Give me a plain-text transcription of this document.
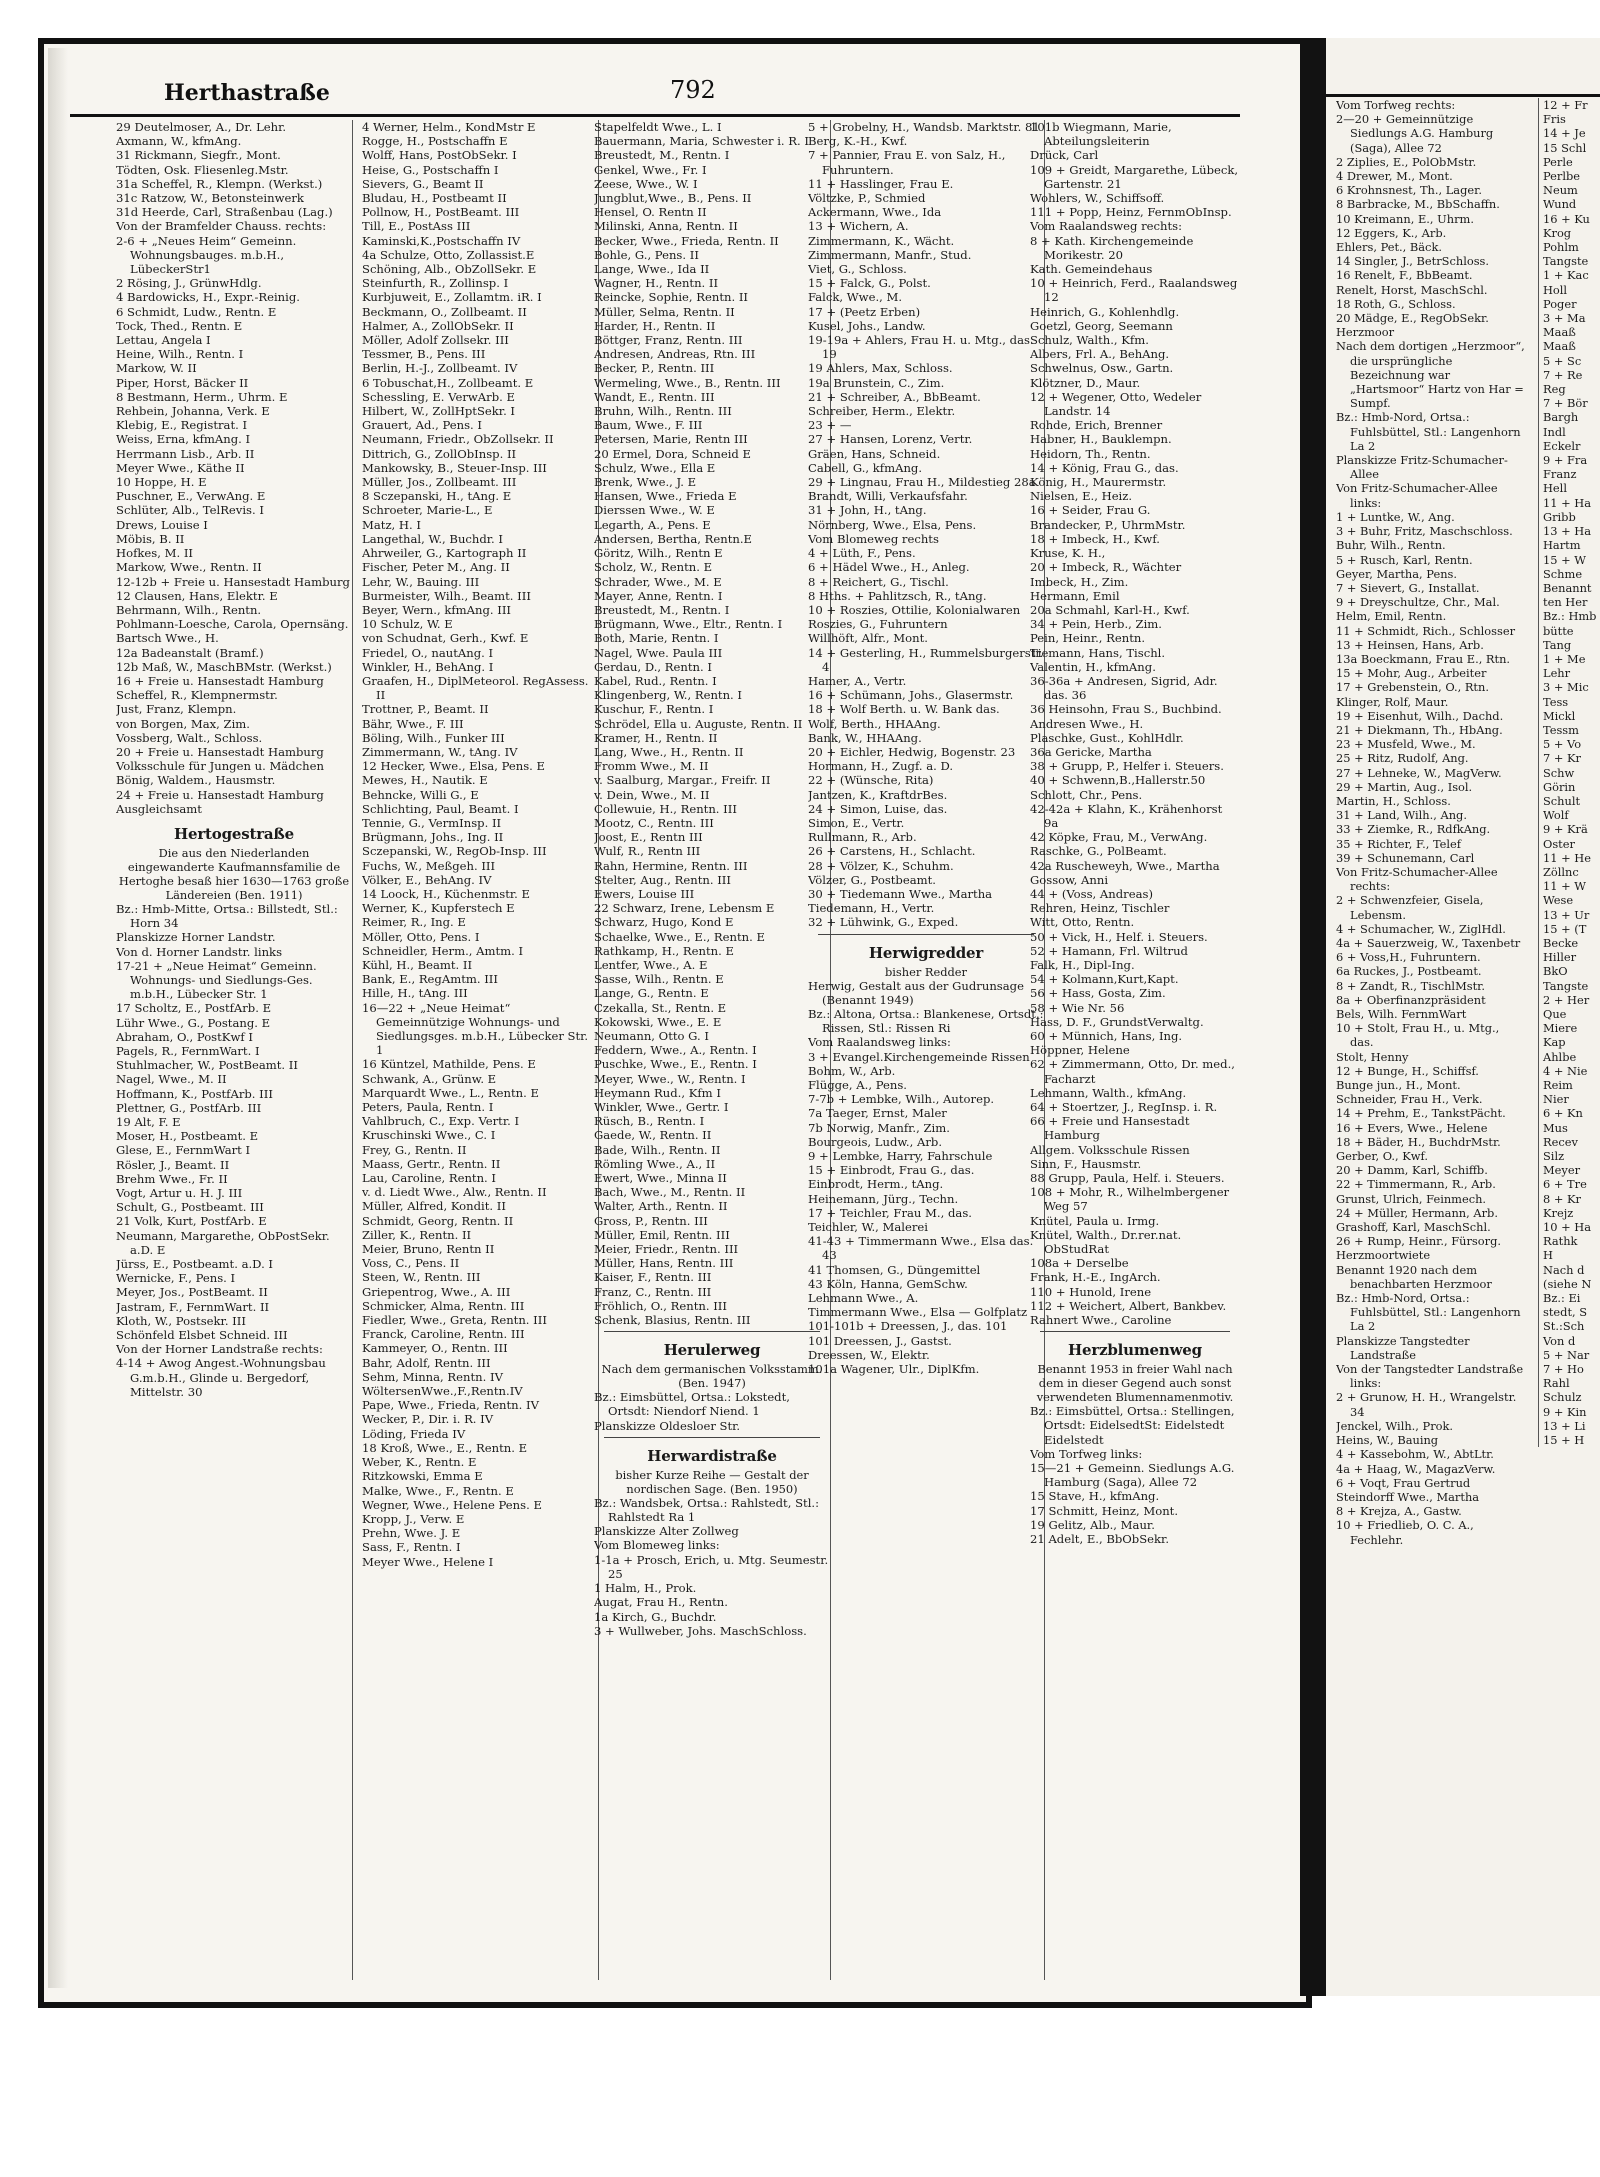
Herthastraße	792
29 Deutelmoser, A., Dr. Lehr.
Axmann, W., kfmAng.
31 Rickmann, Siegfr., Mont.
Tödten, Osk. Fliesenleg.Mstr.
31a Scheffel, R., Klempn. (Werkst.)
31c Ratzow, W., Betonsteinwerk
31d Heerde, Carl, Straßenbau (Lag.)
Von der Bramfelder Chauss. rechts:
2-6 + „Neues Heim“ Gemeinn. Wohnungsbauges. m.b.H., LübeckerStr1
2 Rösing, J., GrünwHdlg.
4 Bardowicks, H., Expr.-Reinig.
6 Schmidt, Ludw., Rentn. E
Tock, Thed., Rentn. E
Lettau, Angela I
Heine, Wilh., Rentn. I
Markow, W. II
Piper, Horst, Bäcker II
8 Bestmann, Herm., Uhrm. E
Rehbein, Johanna, Verk. E
Klebig, E., Registrat. I
Weiss, Erna, kfmAng. I
Herrmann Lisb., Arb. II
Meyer Wwe., Käthe II
10 Hoppe, H. E
Puschner, E., VerwAng. E
Schlüter, Alb., TelRevis. I
Drews, Louise I
Möbis, B. II
Hofkes, M. II
Markow, Wwe., Rentn. II
12-12b + Freie u. Hansestadt Hamburg
12 Clausen, Hans, Elektr. E
Behrmann, Wilh., Rentn.
Pohlmann-Loesche, Carola, Opernsäng.
Bartsch Wwe., H.
12a Badeanstalt (Bramf.)
12b Maß, W., MaschBMstr. (Werkst.)
16 + Freie u. Hansestadt Hamburg
Scheffel, R., Klempnermstr.
Just, Franz, Klempn.
von Borgen, Max, Zim.
Vossberg, Walt., Schloss.
20 + Freie u. Hansestadt Hamburg
Volksschule für Jungen u. Mädchen
Bönig, Waldem., Hausmstr.
24 + Freie u. Hansestadt Hamburg
Ausgleichsamt
Hertogestraße
Die aus den Niederlanden eingewanderte Kaufmannsfamilie de Hertoghe besaß hier 1630—1763 große Ländereien (Ben. 1911)
Bz.: Hmb-Mitte, Ortsa.: Billstedt, Stl.: Horn 34
Planskizze Horner Landstr.
Von d. Horner Landstr. links
17-21 + „Neue Heimat“ Gemeinn. Wohnungs- und Siedlungs-Ges. m.b.H., Lübecker Str. 1
17 Scholtz, E., PostfArb. E
Lühr Wwe., G., Postang. E
Abraham, O., PostKwf I
Pagels, R., FernmWart. I
Stuhlmacher, W., PostBeamt. II
Nagel, Wwe., M. II
Hoffmann, K., PostfArb. III
Plettner, G., PostfArb. III
19 Alt, F. E
Moser, H., Postbeamt. E
Glese, E., FernmWart I
Rösler, J., Beamt. II
Brehm Wwe., Fr. II
Vogt, Artur u. H. J. III
Schult, G., Postbeamt. III
21 Volk, Kurt, PostfArb. E
Neumann, Margarethe, ObPostSekr. a.D. E
Jürss, E., Postbeamt. a.D. I
Wernicke, F., Pens. I
Meyer, Jos., PostBeamt. II
Jastram, F., FernmWart. II
Kloth, W., Postsekr. III
Schönfeld Elsbet Schneid. III
Von der Horner Landstraße rechts:
4-14 + Awog Angest.-Wohnungsbau G.m.b.H., Glinde u. Bergedorf, Mittelstr. 30
4 Werner, Helm., KondMstr E
Rogge, H., Postschaffn E
Wolff, Hans, PostObSekr. I
Heise, G., Postschaffn I
Sievers, G., Beamt II
Bludau, H., Postbeamt II
Pollnow, H., PostBeamt. III
Till, E., PostAss III
Kaminski,K.,Postschaffn IV
4a Schulze, Otto, Zollassist.E
Schöning, Alb., ObZollSekr. E
Steinfurth, R., Zollinsp. I
Kurbjuweit, E., Zollamtm. iR. I
Beckmann, O., Zollbeamt. II
Halmer, A., ZollObSekr. II
Möller, Adolf Zollsekr. III
Tessmer, B., Pens. III
Berlin, H.-J., Zollbeamt. IV
6 Tobuschat,H., Zollbeamt. E
Schessling, E. VerwArb. E
Hilbert, W., ZollHptSekr. I
Grauert, Ad., Pens. I
Neumann, Friedr., ObZollsekr. II
Dittrich, G., ZollObInsp. II
Mankowsky, B., Steuer-Insp. III
Müller, Jos., Zollbeamt. III
8 Sczepanski, H., tAng. E
Schroeter, Marie-L., E
Matz, H. I
Langethal, W., Buchdr. I
Ahrweiler, G., Kartograph II
Fischer, Peter M., Ang. II
Lehr, W., Bauing. III
Burmeister, Wilh., Beamt. III
Beyer, Wern., kfmAng. III
10 Schulz, W. E
von Schudnat, Gerh., Kwf. E
Friedel, O., nautAng. I
Winkler, H., BehAng. I
Graafen, H., DiplMeteorol. RegAssess. II
Trottner, P., Beamt. II
Bähr, Wwe., F. III
Böling, Wilh., Funker III
Zimmermann, W., tAng. IV
12 Hecker, Wwe., Elsa, Pens. E
Mewes, H., Nautik. E
Behncke, Willi G., E
Schlichting, Paul, Beamt. I
Tennie, G., VermInsp. II
Brügmann, Johs., Ing. II
Sczepanski, W., RegOb-Insp. III
Fuchs, W., Meßgeh. III
Völker, E., BehAng. IV
14 Loock, H., Küchenmstr. E
Werner, K., Kupferstech E
Reimer, R., Ing. E
Möller, Otto, Pens. I
Schneidler, Herm., Amtm. I
Kühl, H., Beamt. II
Bank, E., RegAmtm. III
Hille, H., tAng. III
16—22 + „Neue Heimat“ Gemeinnützige Wohnungs- und Siedlungsges. m.b.H., Lübecker Str. 1
16 Küntzel, Mathilde, Pens. E
Schwank, A., Grünw. E
Marquardt Wwe., L., Rentn. E
Peters, Paula, Rentn. I
Vahlbruch, C., Exp. Vertr. I
Kruschinski Wwe., C. I
Frey, G., Rentn. II
Maass, Gertr., Rentn. II
Lau, Caroline, Rentn. I
v. d. Liedt Wwe., Alw., Rentn. II
Müller, Alfred, Kondit. II
Schmidt, Georg, Rentn. II
Ziller, K., Rentn. II
Meier, Bruno, Rentn II
Voss, C., Pens. II
Steen, W., Rentn. III
Griepentrog, Wwe., A. III
Schmicker, Alma, Rentn. III
Fiedler, Wwe., Greta, Rentn. III
Franck, Caroline, Rentn. III
Kammeyer, O., Rentn. III
Bahr, Adolf, Rentn. III
Sehm, Minna, Rentn. IV
WöltersenWwe.,F.,Rentn.IV
Pape, Wwe., Frieda, Rentn. IV
Wecker, P., Dir. i. R. IV
Löding, Frieda IV
18 Kroß, Wwe., E., Rentn. E
Weber, K., Rentn. E
Ritzkowski, Emma E
Malke, Wwe., F., Rentn. E
Wegner, Wwe., Helene Pens. E
Kropp, J., Verw. E
Prehn, Wwe. J. E
Sass, F., Rentn. I
Meyer Wwe., Helene I
Stapelfeldt Wwe., L. I
Bauermann, Maria, Schwester i. R. I
Breustedt, M., Rentn. I
Genkel, Wwe., Fr. I
Zeese, Wwe., W. I
Jungblut,Wwe., B., Pens. II
Hensel, O. Rentn II
Milinski, Anna, Rentn. II
Becker, Wwe., Frieda, Rentn. II
Bohle, G., Pens. II
Lange, Wwe., Ida II
Wagner, H., Rentn. II
Reincke, Sophie, Rentn. II
Müller, Selma, Rentn. II
Harder, H., Rentn. II
Böttger, Franz, Rentn. III
Andresen, Andreas, Rtn. III
Becker, P., Rentn. III
Wermeling, Wwe., B., Rentn. III
Wandt, E., Rentn. III
Bruhn, Wilh., Rentn. III
Baum, Wwe., F. III
Petersen, Marie, Rentn III
20 Ermel, Dora, Schneid E
Schulz, Wwe., Ella E
Brenk, Wwe., J. E
Hansen, Wwe., Frieda E
Dierssen Wwe., W. E
Legarth, A., Pens. E
Andersen, Bertha, Rentn.E
Göritz, Wilh., Rentn E
Scholz, W., Rentn. E
Schrader, Wwe., M. E
Mayer, Anne, Rentn. I
Breustedt, M., Rentn. I
Brügmann, Wwe., Eltr., Rentn. I
Both, Marie, Rentn. I
Nagel, Wwe. Paula III
Gerdau, D., Rentn. I
Kabel, Rud., Rentn. I
Klingenberg, W., Rentn. I
Kuschur, F., Rentn. I
Schrödel, Ella u. Auguste, Rentn. II
Kramer, H., Rentn. II
Lang, Wwe., H., Rentn. II
Fromm Wwe., M. II
v. Saalburg, Margar., Freifr. II
v. Dein, Wwe., M. II
Collewuie, H., Rentn. III
Mootz, C., Rentn. III
Joost, E., Rentn III
Wulf, R., Rentn III
Rahn, Hermine, Rentn. III
Stelter, Aug., Rentn. III
Ewers, Louise III
22 Schwarz, Irene, Lebensm E
Schwarz, Hugo, Kond E
Schaelke, Wwe., E., Rentn. E
Rathkamp, H., Rentn. E
Lentfer, Wwe., A. E
Sasse, Wilh., Rentn. E
Lange, G., Rentn. E
Czekalla, St., Rentn. E
Kokowski, Wwe., E. E
Neumann, Otto G. I
Feddern, Wwe., A., Rentn. I
Puschke, Wwe., E., Rentn. I
Meyer, Wwe., W., Rentn. I
Heymann Rud., Kfm I
Winkler, Wwe., Gertr. I
Rüsch, B., Rentn. I
Gaede, W., Rentn. II
Bade, Wilh., Rentn. II
Römling Wwe., A., II
Ewert, Wwe., Minna II
Bach, Wwe., M., Rentn. II
Walter, Arth., Rentn. II
Gross, P., Rentn. III
Müller, Emil, Rentn. III
Meier, Friedr., Rentn. III
Müller, Hans, Rentn. III
Kaiser, F., Rentn. III
Franz, C., Rentn. III
Fröhlich, O., Rentn. III
Schenk, Blasius, Rentn. III
Herulerweg
Nach dem germanischen Volksstamm. (Ben. 1947)
Bz.: Eimsbüttel, Ortsa.: Lokstedt, Ortsdt: Niendorf Niend. 1
Planskizze Oldesloer Str.
Herwardistraße
bisher Kurze Reihe — Gestalt der nordischen Sage. (Ben. 1950)
Bz.: Wandsbek, Ortsa.: Rahlstedt, Stl.: Rahlstedt Ra 1
Planskizze Alter Zollweg
Vom Blomeweg links:
1-1a + Prosch, Erich, u. Mtg. Seumestr. 25
1 Halm, H., Prok.
Augat, Frau H., Rentn.
1a Kirch, G., Buchdr.
3 + Wullweber, Johs. MaschSchloss.
5 + Grobelny, H., Wandsb. Marktstr. 81
Berg, K.-H., Kwf.
7 + Pannier, Frau E. von Salz, H., Fuhruntern.
11 + Hasslinger, Frau E.
Völtzke, P., Schmied
Ackermann, Wwe., Ida
13 + Wichern, A.
Zimmermann, K., Wächt.
Zimmermann, Manfr., Stud.
Viet, G., Schloss.
15 + Falck, G., Polst.
Falck, Wwe., M.
17 + (Peetz Erben)
Kusel, Johs., Landw.
19-19a + Ahlers, Frau H. u. Mtg., das. 19
19 Ahlers, Max, Schloss.
19a Brunstein, C., Zim.
21 + Schreiber, A., BbBeamt.
Schreiber, Herm., Elektr.
23 + —
27 + Hansen, Lorenz, Vertr.
Gräen, Hans, Schneid.
Cabell, G., kfmAng.
29 + Lingnau, Frau H., Mildestieg 28a
Brandt, Willi, Verkaufsfahr.
31 + John, H., tAng.
Nörnberg, Wwe., Elsa, Pens.
Vom Blomeweg rechts
4 + Lüth, F., Pens.
6 + Hädel Wwe., H., Anleg.
8 + Reichert, G., Tischl.
8 Hths. + Pahlitzsch, R., tAng.
10 + Roszies, Ottilie, Kolonialwaren
Roszies, G., Fuhruntern
Willhöft, Alfr., Mont.
14 + Gesterling, H., Rummelsburgerstr. 4
Hamer, A., Vertr.
16 + Schümann, Johs., Glasermstr.
18 + Wolf Berth. u. W. Bank das.
Wolf, Berth., HHAAng.
Bank, W., HHAAng.
20 + Eichler, Hedwig, Bogenstr. 23
Hormann, H., Zugf. a. D.
22 + (Wünsche, Rita)
Jantzen, K., KraftdrBes.
24 + Simon, Luise, das.
Simon, E., Vertr.
Rullmann, R., Arb.
26 + Carstens, H., Schlacht.
28 + Völzer, K., Schuhm.
Völzer, G., Postbeamt.
30 + Tiedemann Wwe., Martha
Tiedemann, H., Vertr.
32 + Lühwink, G., Exped.
Herwigredder
bisher Redder
Herwig, Gestalt aus der Gudrunsage (Benannt 1949)
Bz.: Altona, Ortsa.: Blankenese, Ortsdt.: Rissen, Stl.: Rissen Ri
Vom Raalandsweg links:
3 + Evangel.Kirchengemeinde Rissen
Bohm, W., Arb.
Flügge, A., Pens.
7-7b + Lembke, Wilh., Autorep.
7a Taeger, Ernst, Maler
7b Norwig, Manfr., Zim.
Bourgeois, Ludw., Arb.
9 + Lembke, Harry, Fahrschule
15 + Einbrodt, Frau G., das.
Einbrodt, Herm., tAng.
Heinemann, Jürg., Techn.
17 + Teichler, Frau M., das.
Teichler, W., Malerei
41-43 + Timmermann Wwe., Elsa das. 43
41 Thomsen, G., Düngemittel
43 Köln, Hanna, GemSchw.
Lehmann Wwe., A.
Timmermann Wwe., Elsa — Golfplatz
101-101b + Dreessen, J., das. 101
101 Dreessen, J., Gastst.
Dreessen, W., Elektr.
101a Wagener, Ulr., DiplKfm.
101b Wiegmann, Marie, Abteilungsleiterin
Drück, Carl
109 + Greidt, Margarethe, Lübeck, Gartenstr. 21
Wohlers, W., Schiffsoff.
111 + Popp, Heinz, FernmObInsp.
Vom Raalandsweg rechts:
8 + Kath. Kirchengemeinde Morikestr. 20
Kath. Gemeindehaus
10 + Heinrich, Ferd., Raalandsweg 12
Heinrich, G., Kohlenhdlg.
Goetzl, Georg, Seemann
Schulz, Walth., Kfm.
Albers, Frl. A., BehAng.
Schwelnus, Osw., Gartn.
Klötzner, D., Maur.
12 + Wegener, Otto, Wedeler Landstr. 14
Rohde, Erich, Brenner
Habner, H., Bauklempn.
Heidorn, Th., Rentn.
14 + König, Frau G., das.
König, H., Maurermstr.
Nielsen, E., Heiz.
16 + Seider, Frau G.
Brandecker, P., UhrmMstr.
18 + Imbeck, H., Kwf.
Kruse, K. H.,
20 + Imbeck, R., Wächter
Imbeck, H., Zim.
Hermann, Emil
20a Schmahl, Karl-H., Kwf.
34 + Pein, Herb., Zim.
Pein, Heinr., Rentn.
Tiemann, Hans, Tischl.
Valentin, H., kfmAng.
36-36a + Andresen, Sigrid, Adr. das. 36
36 Heinsohn, Frau S., Buchbind.
Andresen Wwe., H.
Plaschke, Gust., KohlHdlr.
36a Gericke, Martha
38 + Grupp, P., Helfer i. Steuers.
40 + Schwenn,B.,Hallerstr.50
Schlott, Chr., Pens.
42-42a + Klahn, K., Krähenhorst 9a
42 Köpke, Frau, M., VerwAng.
Raschke, G., PolBeamt.
42a Ruscheweyh, Wwe., Martha
Gossow, Anni
44 + (Voss, Andreas)
Rehren, Heinz, Tischler
Witt, Otto, Rentn.
50 + Vick, H., Helf. i. Steuers.
52 + Hamann, Frl. Wiltrud
Falk, H., Dipl-Ing.
54 + Kolmann,Kurt,Kapt.
56 + Hass, Gosta, Zim.
58 + Wie Nr. 56
Hass, D. F., GrundstVerwaltg.
60 + Münnich, Hans, Ing.
Höppner, Helene
62 + Zimmermann, Otto, Dr. med., Facharzt
Lehmann, Walth., kfmAng.
64 + Stoertzer, J., RegInsp. i. R.
66 + Freie und Hansestadt Hamburg
Allgem. Volksschule Rissen
Sinn, F., Hausmstr.
88 Grupp, Paula, Helf. i. Steuers.
108 + Mohr, R., Wilhelmbergener Weg 57
Knütel, Paula u. Irmg.
Knütel, Walth., Dr.rer.nat. ObStudRat
108a + Derselbe
Frank, H.-E., IngArch.
110 + Hunold, Irene
112 + Weichert, Albert, Bankbev.
Rahnert Wwe., Caroline
Herzblumenweg
Benannt 1953 in freier Wahl nach dem in dieser Gegend auch sonst verwendeten Blumennamenmotiv.
Bz.: Eimsbüttel, Ortsa.: Stellingen, Ortsdt: EidelsedtSt: Eidelstedt Eidelstedt
Vom Torfweg links:
15—21 + Gemeinn. Siedlungs A.G. Hamburg (Saga), Allee 72
15 Stave, H., kfmAng.
17 Schmitt, Heinz, Mont.
19 Gelitz, Alb., Maur.
21 Adelt, E., BbObSekr.
Vom Torfweg rechts:
2—20 + Gemeinnützige Siedlungs A.G. Hamburg (Saga), Allee 72
2 Ziplies, E., PolObMstr.
4 Drewer, M., Mont.
6 Krohnsnest, Th., Lager.
8 Barbracke, M., BbSchaffn.
10 Kreimann, E., Uhrm.
12 Eggers, K., Arb.
Ehlers, Pet., Bäck.
14 Singler, J., BetrSchloss.
16 Renelt, F., BbBeamt.
Renelt, Horst, MaschSchl.
18 Roth, G., Schloss.
20 Mädge, E., RegObSekr.
Herzmoor
Nach dem dortigen „Herzmoor“, die ursprüngliche Bezeichnung war „Hartsmoor“ Hartz von Har = Sumpf.
Bz.: Hmb-Nord, Ortsa.: Fuhlsbüttel, Stl.: Langenhorn La 2
Planskizze Fritz-Schumacher-Allee
Von Fritz-Schumacher-Allee links:
1 + Luntke, W., Ang.
3 + Buhr, Fritz, Maschschloss.
Buhr, Wilh., Rentn.
5 + Rusch, Karl, Rentn.
Geyer, Martha, Pens.
7 + Sievert, G., Installat.
9 + Dreyschultze, Chr., Mal.
Helm, Emil, Rentn.
11 + Schmidt, Rich., Schlosser
13 + Heinsen, Hans, Arb.
13a Boeckmann, Frau E., Rtn.
15 + Mohr, Aug., Arbeiter
17 + Grebenstein, O., Rtn.
Klinger, Rolf, Maur.
19 + Eisenhut, Wilh., Dachd.
21 + Diekmann, Th., HbAng.
23 + Musfeld, Wwe., M.
25 + Ritz, Rudolf, Ang.
27 + Lehneke, W., MagVerw.
29 + Martin, Aug., Isol.
Martin, H., Schloss.
31 + Land, Wilh., Ang.
33 + Ziemke, R., RdfkAng.
35 + Richter, F., Telef
39 + Schunemann, Carl
Von Fritz-Schumacher-Allee rechts:
2 + Schwenzfeier, Gisela, Lebensm.
4 + Schumacher, W., ZiglHdl.
4a + Sauerzweig, W., Taxenbetr
6 + Voss,H., Fuhruntern.
6a Ruckes, J., Postbeamt.
8 + Zandt, R., TischlMstr.
8a + Oberfinanzpräsident
Bels, Wilh. FernmWart
10 + Stolt, Frau H., u. Mtg., das.
Stolt, Henny
12 + Bunge, H., Schiffsf.
Bunge jun., H., Mont.
Schneider, Frau H., Verk.
14 + Prehm, E., TankstPächt.
16 + Evers, Wwe., Helene
18 + Bäder, H., BuchdrMstr.
Gerber, O., Kwf.
20 + Damm, Karl, Schiffb.
22 + Timmermann, R., Arb.
Grunst, Ulrich, Feinmech.
24 + Müller, Hermann, Arb.
Grashoff, Karl, MaschSchl.
26 + Rump, Heinr., Fürsorg.
Herzmoortwiete
Benannt 1920 nach dem benachbarten Herzmoor
Bz.: Hmb-Nord, Ortsa.: Fuhlsbüttel, Stl.: Langenhorn La 2
Planskizze Tangstedter Landstraße
Von der Tangstedter Landstraße links:
2 + Grunow, H. H., Wrangelstr. 34
Jenckel, Wilh., Prok.
Heins, W., Bauing
4 + Kassebohm, W., AbtLtr.
4a + Haag, W., MagazVerw.
6 + Voqt, Frau Gertrud
Steindorff Wwe., Martha
8 + Krejza, A., Gastw.
10 + Friedlieb, O. C. A., Fechlehr.
12 + Fr
Fris
14 + Je
15 Schl
Perle
Perlbe
Neum
Wund
16 + Ku
Krog
Pohlm
Tangste
1 + Kac
Holl
Poger
3 + Ma
Maaß
Maaß
5 + Sc
7 + Re
Reg
7 + Bör
Bargh
Indl
Eckelr
9 + Fra
Franz
Hell
11 + Ha
Gribb
13 + Ha
Hartm
15 + W
Schme
Benannt
ten Her
Bz.: Hmb
bütte
Tang
1 + Me
Lehr
3 + Mic
Tess
Mickl
Tessm
5 + Vo
7 + Kr
Schw
Görin
Schult
Wolf
9 + Krä
Oster
11 + He
Zöllnc
11 + W
Wese
13 + Ur
15 + (T
Becke
Hiller
BkO
Tangste
2 + Her
Que
Miere
Kap
Ahlbe
4 + Nie
Reim
Nier
6 + Kn
Mus
Recev
Silz
Meyer
6 + Tre
8 + Kr
Krejz
10 + Ha
Rathk
H
Nach d
(siehe N
Bz.: Ei
stedt, S
St.:Sch
Von d
5 + Nar
7 + Ho
Rahl
Schulz
9 + Kin
13 + Li
15 + H
